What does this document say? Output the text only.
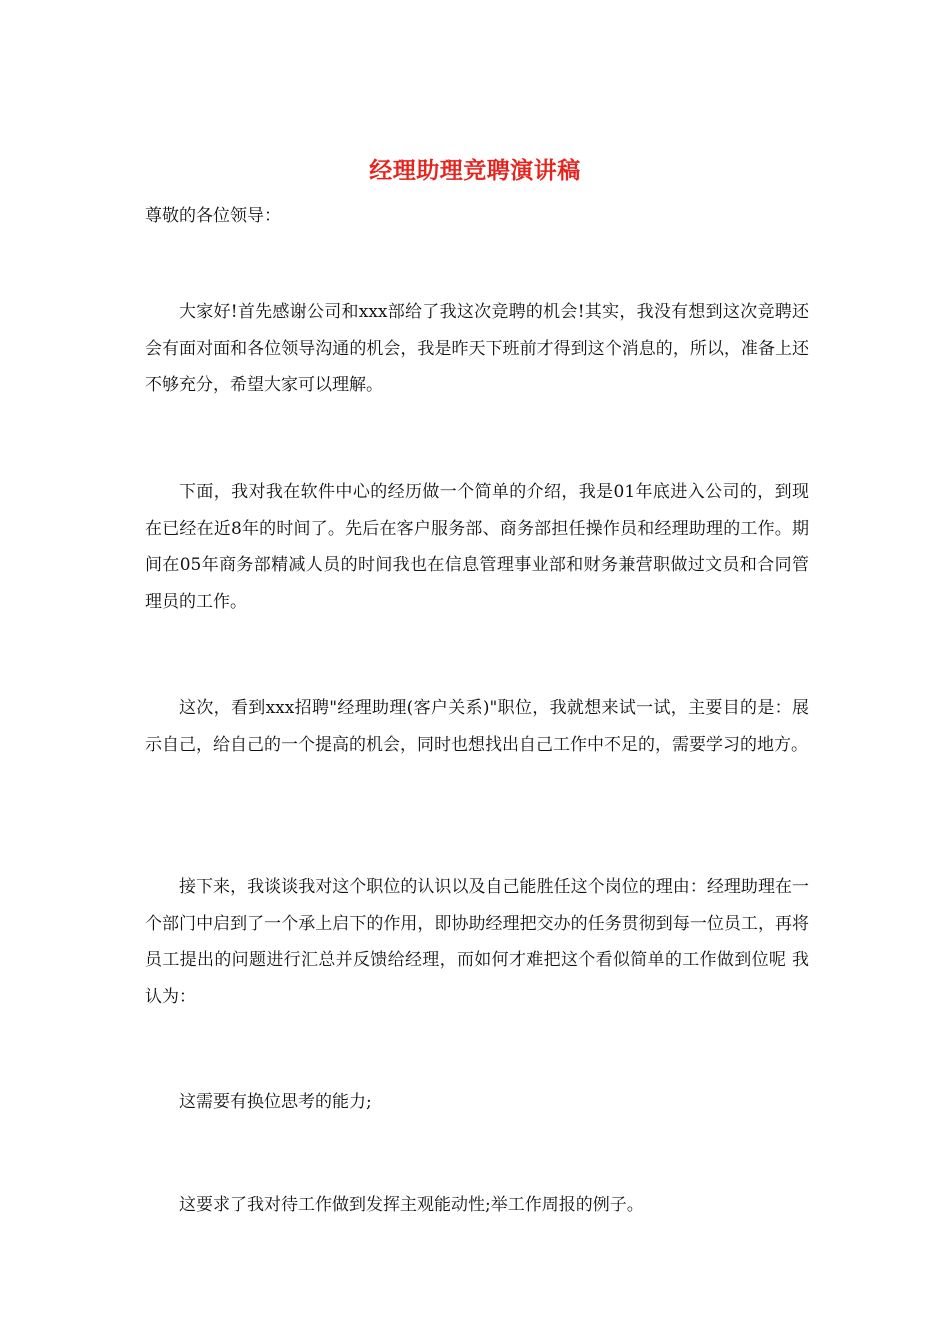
经理助理竞聘演讲稿
尊敬的各位领导：

大家好!首先感谢公司和xxx部给了我这次竞聘的机会!其实，我没有想到这次竞聘还会有面对面和各位领导沟通的机会，我是昨天下班前才得到这个消息的，所以，准备上还不够充分，希望大家可以理解。

下面，我对我在软件中心的经历做一个简单的介绍，我是01年底进入公司的，到现在已经在近8年的时间了。先后在客户服务部、商务部担任操作员和经理助理的工作。期间在05年商务部精减人员的时间我也在信息管理事业部和财务兼营职做过文员和合同管理员的工作。

这次，看到xxx招聘"经理助理(客户关系)"职位，我就想来试一试，主要目的是：展示自己，给自己的一个提高的机会，同时也想找出自己工作中不足的，需要学习的地方。

接下来，我谈谈我对这个职位的认识以及自己能胜任这个岗位的理由：经理助理在一个部门中启到了一个承上启下的作用，即协助经理把交办的任务贯彻到每一位员工，再将员工提出的问题进行汇总并反馈给经理，而如何才难把这个看似简单的工作做到位呢 我认为：

这需要有换位思考的能力;

这要求了我对待工作做到发挥主观能动性;举工作周报的例子。
